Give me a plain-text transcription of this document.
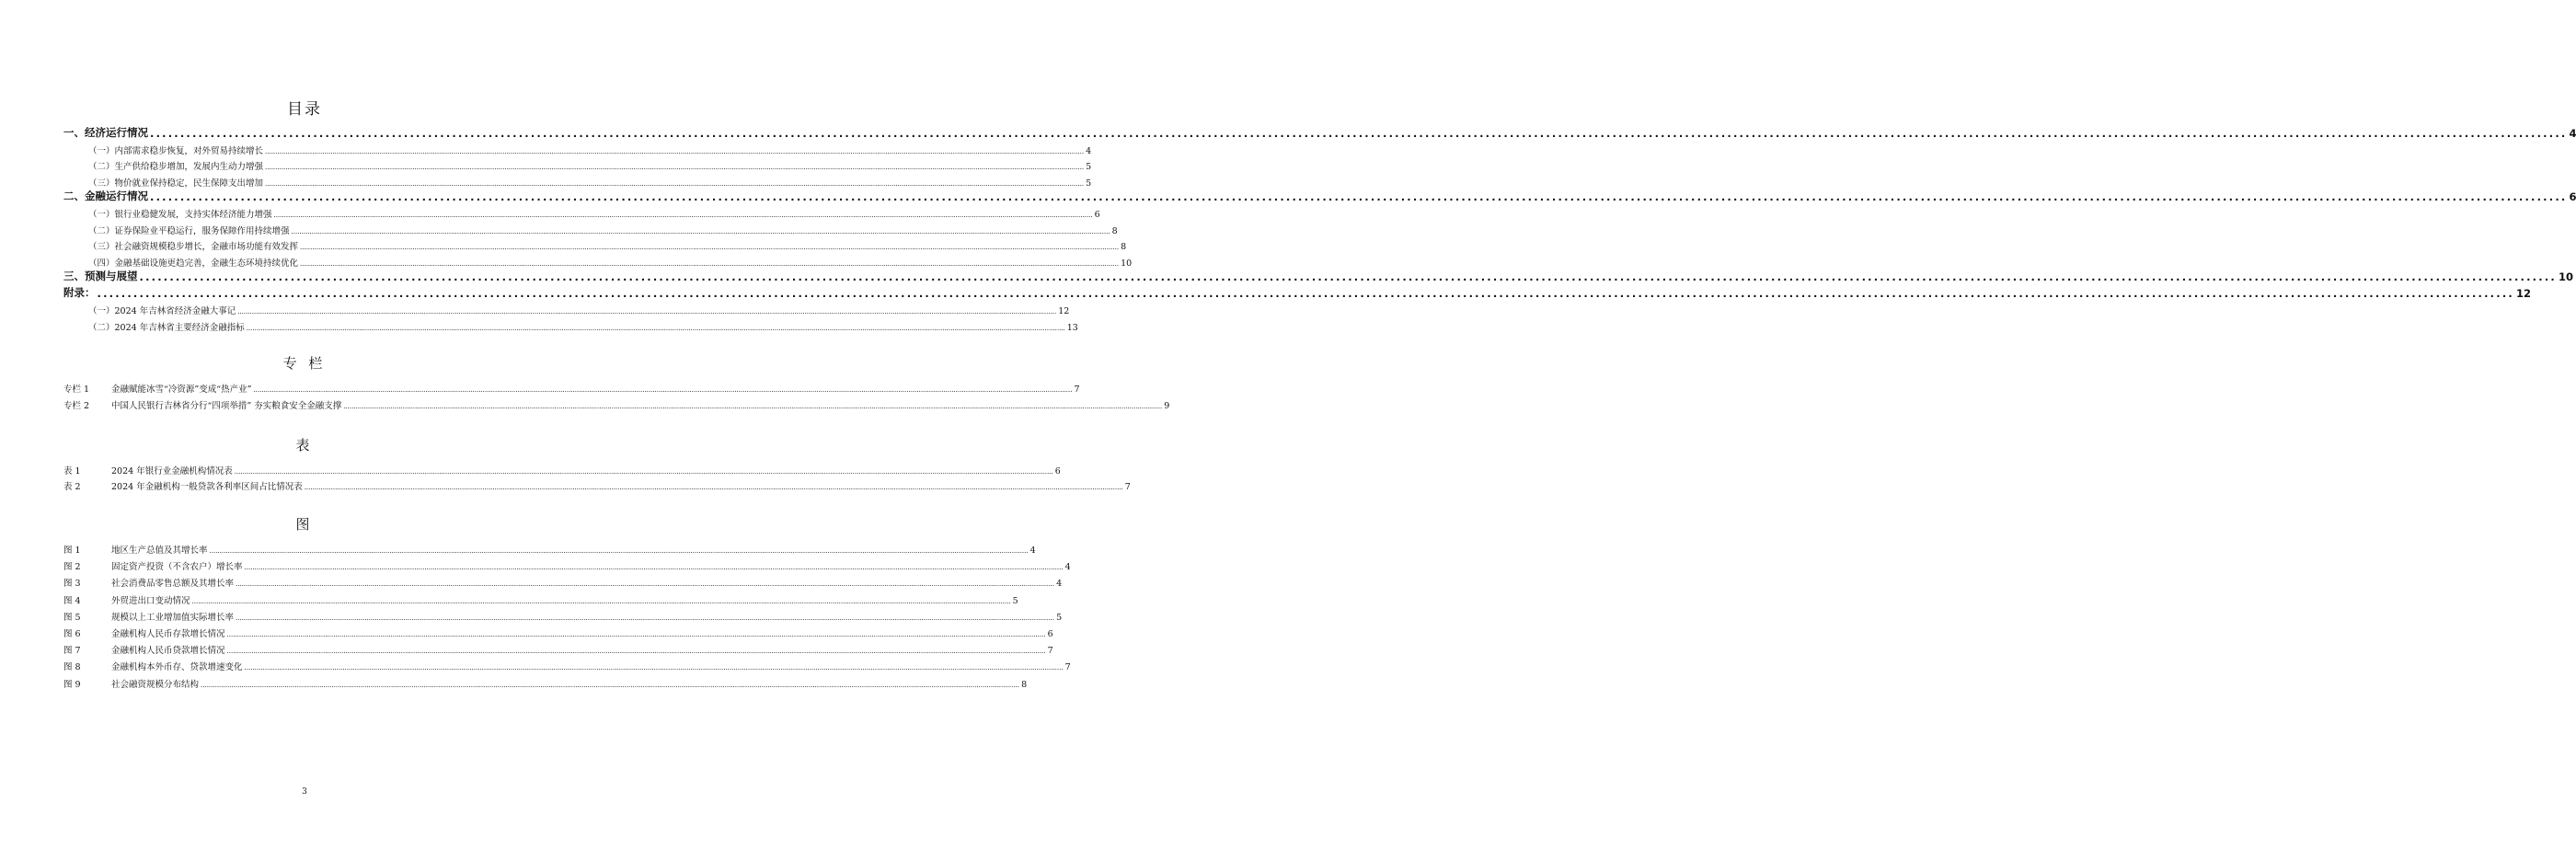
目录
一、经济运行情况 ................................................................................................................................................................................................................................................................................................................................................................................................................ 4
（一）内部需求稳步恢复，对外贸易持续增长 ................................................................................................................................................................................................................................................................................................................................................................................................................ 4
（二）生产供给稳步增加，发展内生动力增强 ................................................................................................................................................................................................................................................................................................................................................................................................................ 5
（三）物价就业保持稳定，民生保障支出增加 ................................................................................................................................................................................................................................................................................................................................................................................................................ 5
二、金融运行情况 ................................................................................................................................................................................................................................................................................................................................................................................................................ 6
（一）银行业稳健发展，支持实体经济能力增强 ................................................................................................................................................................................................................................................................................................................................................................................................................ 6
（二）证券保险业平稳运行，服务保障作用持续增强 ................................................................................................................................................................................................................................................................................................................................................................................................................ 8
（三）社会融资规模稳步增长，金融市场功能有效发挥 ................................................................................................................................................................................................................................................................................................................................................................................................................ 8
（四）金融基础设施更趋完善，金融生态环境持续优化 ................................................................................................................................................................................................................................................................................................................................................................................................................ 10
三、预测与展望 ................................................................................................................................................................................................................................................................................................................................................................................................................ 10
附录： ................................................................................................................................................................................................................................................................................................................................................................................................................ 12
（一）2024 年吉林省经济金融大事记 ................................................................................................................................................................................................................................................................................................................................................................................................................ 12
（二）2024 年吉林省主要经济金融指标 ................................................................................................................................................................................................................................................................................................................................................................................................................ 13
专 栏
专栏 1	金融赋能冰雪“冷资源”变成“热产业” ................................................................................................................................................................................................................................................................................................................................................................................................................ 7
专栏 2	中国人民银行吉林省分行“四项举措” 夯实粮食安全金融支撑 ................................................................................................................................................................................................................................................................................................................................................................................................................ 9
表
表 1	2024 年银行业金融机构情况表 ................................................................................................................................................................................................................................................................................................................................................................................................................ 6
表 2	2024 年金融机构一般贷款各利率区间占比情况表 ................................................................................................................................................................................................................................................................................................................................................................................................................ 7
图
图 1	地区生产总值及其增长率 ................................................................................................................................................................................................................................................................................................................................................................................................................ 4
图 2	固定资产投资（不含农户）增长率 ................................................................................................................................................................................................................................................................................................................................................................................................................ 4
图 3	社会消费品零售总额及其增长率 ................................................................................................................................................................................................................................................................................................................................................................................................................ 4
图 4	外贸进出口变动情况 ................................................................................................................................................................................................................................................................................................................................................................................................................ 5
图 5	规模以上工业增加值实际增长率 ................................................................................................................................................................................................................................................................................................................................................................................................................ 5
图 6	金融机构人民币存款增长情况 ................................................................................................................................................................................................................................................................................................................................................................................................................ 6
图 7	金融机构人民币贷款增长情况 ................................................................................................................................................................................................................................................................................................................................................................................................................ 7
图 8	金融机构本外币存、贷款增速变化 ................................................................................................................................................................................................................................................................................................................................................................................................................ 7
图 9	社会融资规模分布结构 ................................................................................................................................................................................................................................................................................................................................................................................................................ 8
3
